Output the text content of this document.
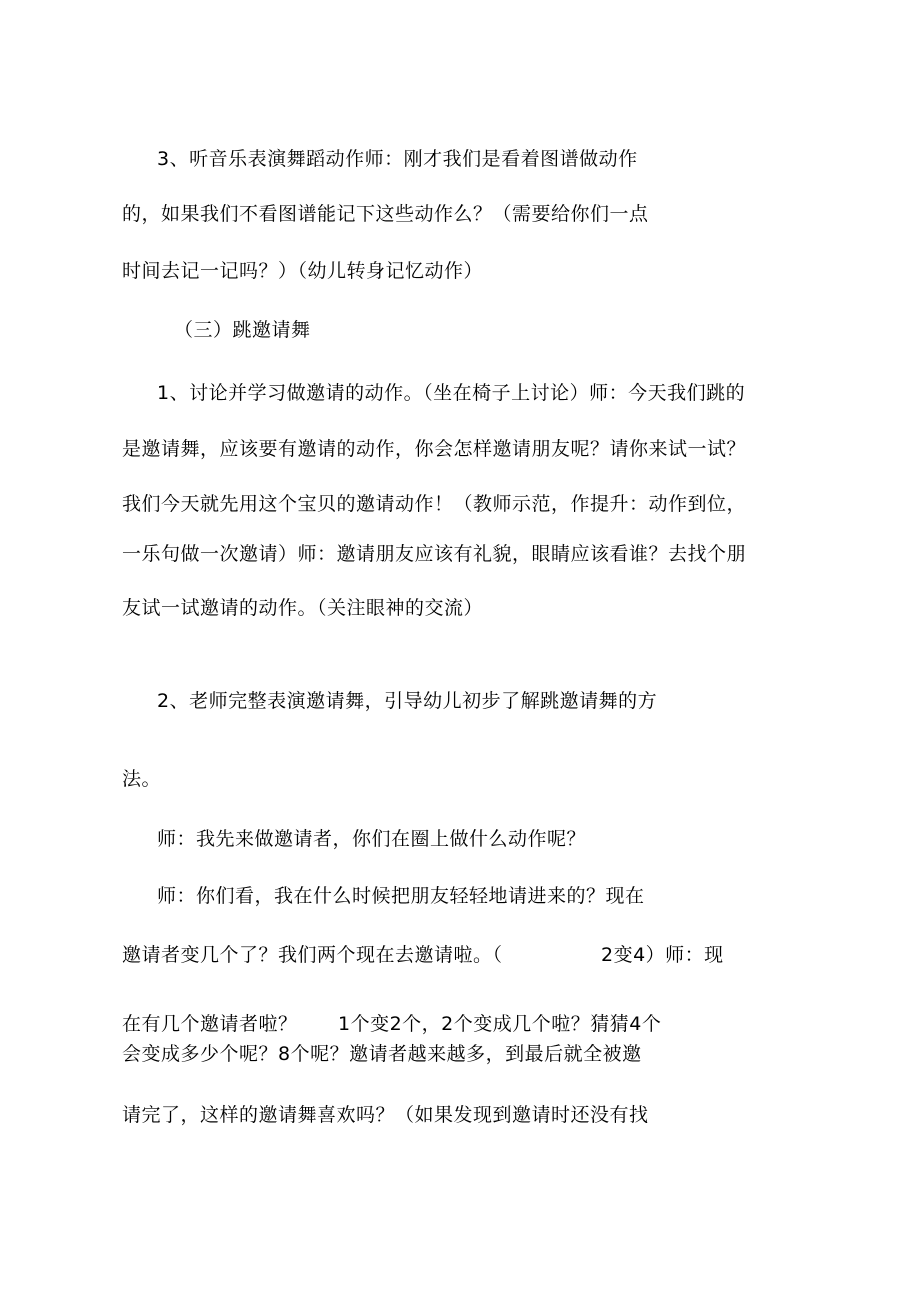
3、听音乐表演舞蹈动作师：刚才我们是看着图谱做动作
的，如果我们不看图谱能记下这些动作么？（需要给你们一点
时间去记一记吗？）（幼儿转身记忆动作）
（三）跳邀请舞
1、讨论并学习做邀请的动作。（坐在椅子上讨论）师：今天我们跳的
是邀请舞，应该要有邀请的动作，你会怎样邀请朋友呢？请你来试一试？
我们今天就先用这个宝贝的邀请动作！（教师示范，作提升：动作到位，
一乐句做一次邀请）师：邀请朋友应该有礼貌，眼睛应该看谁？去找个朋
友试一试邀请的动作。（关注眼神的交流）
2、老师完整表演邀请舞，引导幼儿初步了解跳邀请舞的方
法。
师：我先来做邀请者，你们在圈上做什么动作呢？
师：你们看，我在什么时候把朋友轻轻地请进来的？现在
邀请者变几个了？我们两个现在去邀请啦。（	2变4）师：现
在有几个邀请者啦？ 1个变2个，2个变成几个啦？猜猜4个
会变成多少个呢？8个呢？邀请者越来越多，到最后就全被邀
请完了，这样的邀请舞喜欢吗？（如果发现到邀请时还没有找
